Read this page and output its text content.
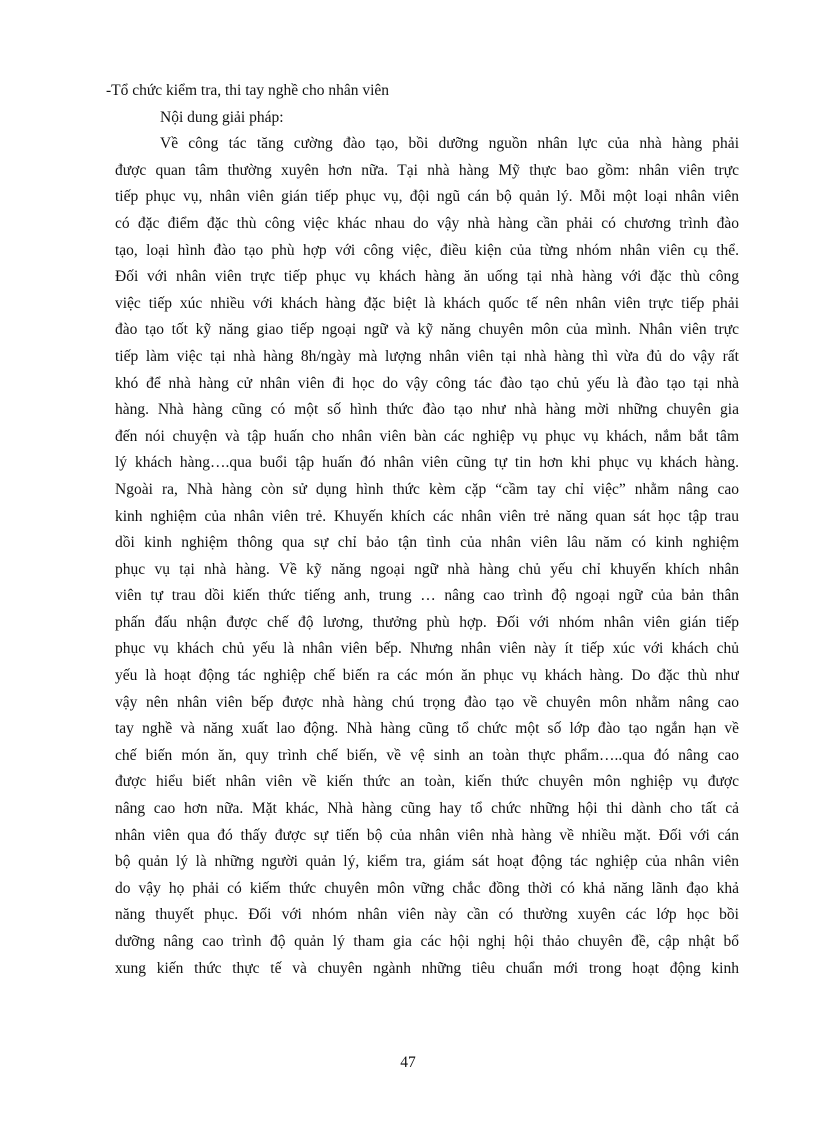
-Tổ chức kiểm tra, thi tay nghề cho nhân viên

Nội dung giải pháp:

Về công tác tăng cường đào tạo, bồi dưỡng nguồn nhân lực của nhà hàng phải

được quan tâm thường xuyên hơn nữa. Tại nhà hàng Mỹ thực bao gồm: nhân viên trực

tiếp phục vụ, nhân viên gián tiếp phục vụ, đội ngũ cán bộ quản lý. Mỗi một loại nhân viên

có đặc điểm đặc thù công việc khác nhau do vậy nhà hàng cần phải có chương trình đào

tạo, loại hình đào tạo phù hợp với công việc, điều kiện của từng nhóm nhân viên cụ thể.

Đối với nhân viên trực tiếp phục vụ khách hàng ăn uống tại nhà hàng với đặc thù công

việc tiếp xúc nhiều với khách hàng đặc biệt là khách quốc tế nên nhân viên trực tiếp phải

đào tạo tốt kỹ năng giao tiếp ngoại ngữ và kỹ năng chuyên môn của mình. Nhân viên trực

tiếp làm việc tại nhà hàng 8h/ngày mà lượng nhân viên tại nhà hàng thì vừa đủ do vậy rất

khó để nhà hàng cử nhân viên đi học do vậy công tác đào tạo chủ yếu là đào tạo tại nhà

hàng. Nhà hàng cũng có một số hình thức đào tạo như nhà hàng mời những chuyên gia

đến nói chuyện và tập huấn cho nhân viên bàn các nghiệp vụ phục vụ khách, nắm bắt tâm

lý khách hàng….qua buổi tập huấn đó nhân viên cũng tự tin hơn khi phục vụ khách hàng.

Ngoài ra, Nhà hàng còn sử dụng hình thức kèm cặp “cầm tay chỉ việc” nhằm nâng cao

kinh nghiệm của nhân viên trẻ. Khuyến khích các nhân viên trẻ năng quan sát học tập trau

dồi kinh nghiệm thông qua sự chỉ bảo tận tình của nhân viên lâu năm có kinh nghiệm

phục vụ tại nhà hàng. Về kỹ năng ngoại ngữ nhà hàng chủ yếu chỉ khuyến khích nhân

viên tự trau dồi kiến thức tiếng anh, trung … nâng cao trình độ ngoại ngữ của bản thân

phấn đấu nhận được chế độ lương, thưởng phù hợp. Đối với nhóm nhân viên gián tiếp

phục vụ khách chủ yếu là nhân viên bếp. Nhưng nhân viên này ít tiếp xúc với khách chủ

yếu là hoạt động tác nghiệp chế biến ra các món ăn phục vụ khách hàng. Do đặc thù như

vậy nên nhân viên bếp được nhà hàng chú trọng đào tạo về chuyên môn nhằm nâng cao

tay nghề và năng xuất lao động. Nhà hàng cũng tổ chức một số lớp đào tạo ngắn hạn về

chế biến món ăn, quy trình chế biến, về vệ sinh an toàn thực phẩm…..qua đó nâng cao

được hiểu biết nhân viên về kiến thức an toàn, kiến thức chuyên môn nghiệp vụ được

nâng cao hơn nữa. Mặt khác, Nhà hàng cũng hay tổ chức những hội thi dành cho tất cả

nhân viên qua đó thấy được sự tiến bộ của nhân viên nhà hàng về nhiều mặt. Đối với cán

bộ quản lý là những người quản lý, kiểm tra, giám sát hoạt động tác nghiệp của nhân viên

do vậy họ phải có kiếm thức chuyên môn vững chắc đồng thời có khả năng lãnh đạo khả

năng thuyết phục. Đối với nhóm nhân viên này cần có thường xuyên các lớp học bồi

dưỡng nâng cao trình độ quản lý tham gia các hội nghị hội thảo chuyên đề, cập nhật bổ

xung kiến thức thực tế và chuyên ngành những tiêu chuẩn mới trong hoạt động kinh

47
